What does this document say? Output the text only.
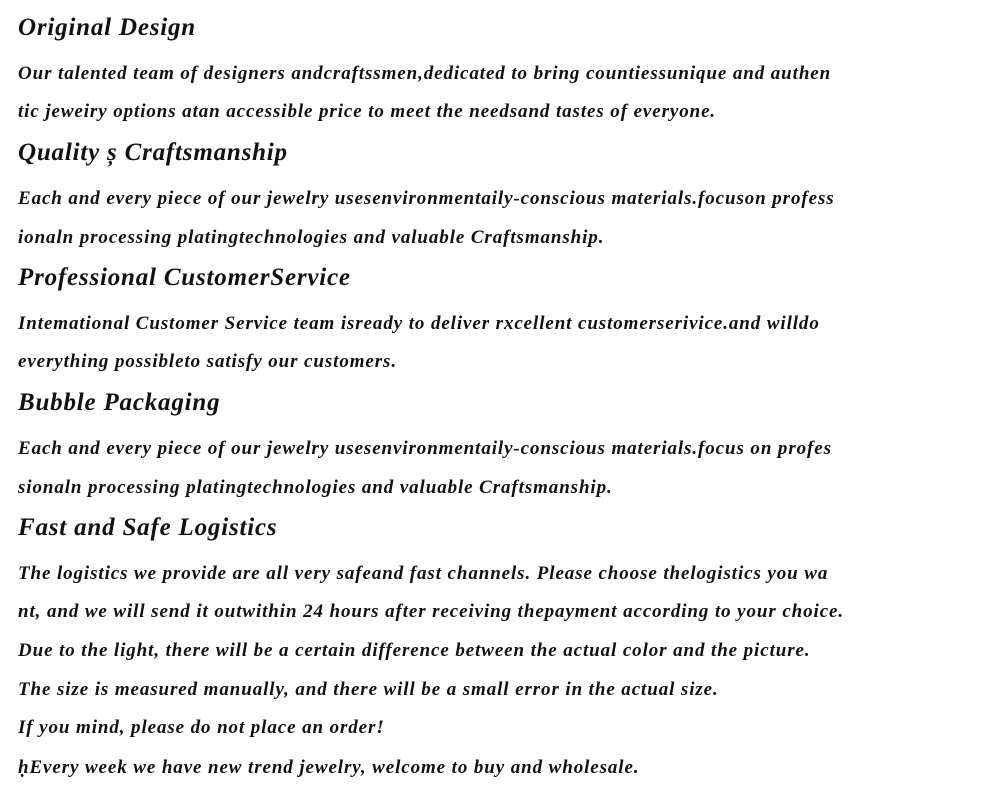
Original Design
Our talented team of designers andcraftssmen,dedicated to bring countiessunique and authen
tic jeweiry options atan accessible price to meet the needsand tastes of everyone.
Quality ș Craftsmanship
Each and every piece of our jewelry usesenvironmentaily-conscious materials.focuson profess
ionaln processing platingtechnologies and valuable Craftsmanship.
Professional CustomerService
Intemational Customer Service team isready to deliver rxcellent customerserivice.and willdo
everything possibleto satisfy our customers.
Bubble Packaging
Each and every piece of our jewelry usesenvironmentaily-conscious materials.focus on profes
sionaln processing platingtechnologies and valuable Craftsmanship.
Fast and Safe Logistics
The logistics we provide are all very safeand fast channels. Please choose thelogistics you wa
nt, and we will send it outwithin 24 hours after receiving thepayment according to your choice.
Due to the light, there will be a certain difference between the actual color and the picture.
The size is measured manually, and there will be a small error in the actual size.
If you mind, please do not place an order!
ḥEvery week we have new trend jewelry, welcome to buy and wholesale.
